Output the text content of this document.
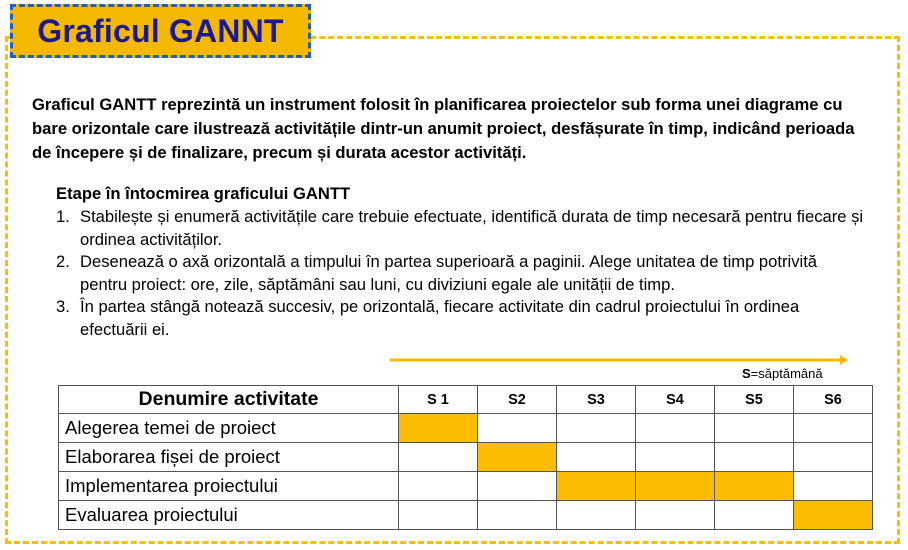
Graficul GANNT
Graficul GANTT reprezintă un instrument folosit în planificarea proiectelor sub forma unei diagrame cu bare orizontale care ilustrează activitățile dintr-un anumit proiect, desfășurate în timp, indicând perioada de începere și de finalizare, precum și durata acestor activități.
Etape în întocmirea graficului GANTT
1. Stabilește și enumeră activitățile care trebuie efectuate, identifică durata de timp necesară pentru fiecare și ordinea activităților.
2. Desenează o axă orizontală a timpului în partea superioară a paginii. Alege unitatea de timp potrivită pentru proiect: ore, zile, săptămâni sau luni, cu diviziuni egale ale unității de timp.
3. În partea stângă notează succesiv, pe orizontală, fiecare activitate din cadrul proiectului în ordinea efectuării ei.
S=săptămână
Denumire activitate	S 1	S2	S3	S4	S5	S6
Alegerea temei de proiect						
Elaborarea fișei de proiect						
Implementarea proiectului						
Evaluarea proiectului						
